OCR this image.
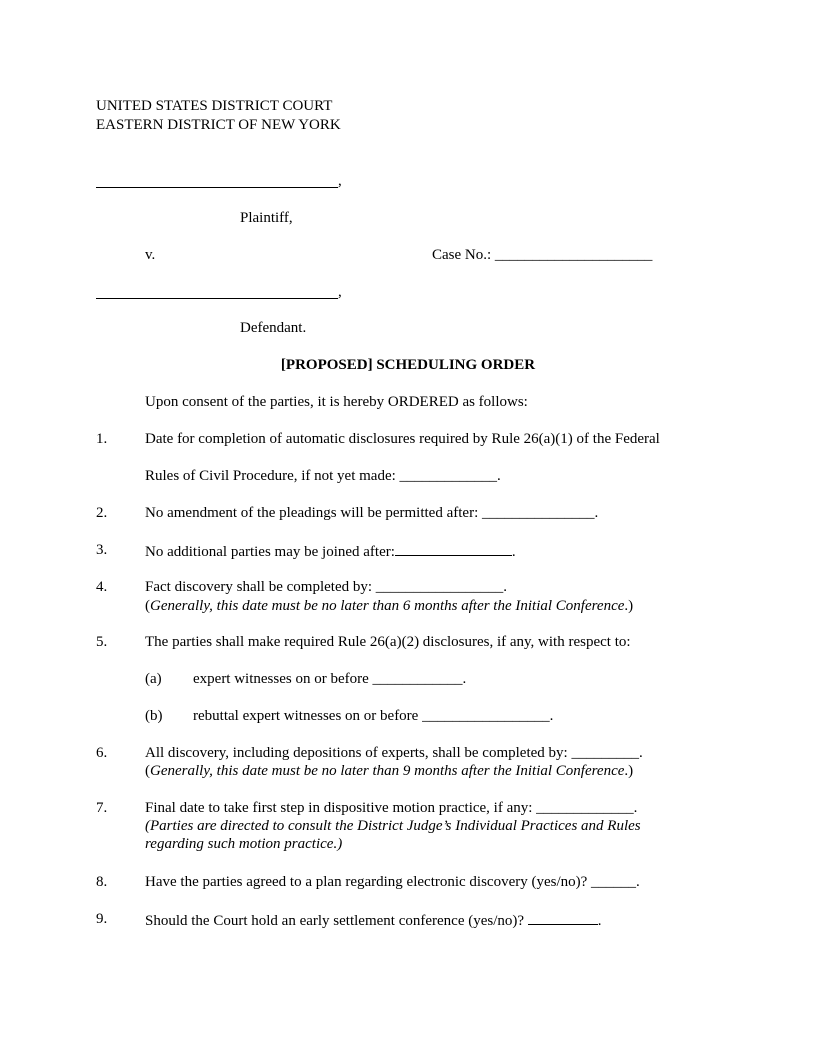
UNITED STATES DISTRICT COURT
EASTERN DISTRICT OF NEW YORK
,
Plaintiff,
v.	Case No.: _____________________
,
Defendant.
[PROPOSED] SCHEDULING ORDER
Upon consent of the parties, it is hereby ORDERED as follows:
1.	Date for completion of automatic disclosures required by Rule 26(a)(1) of the Federal
Rules of Civil Procedure, if not yet made: _____________.
2.	No amendment of the pleadings will be permitted after: _______________.
3.	No additional parties may be joined after:	.
4.	Fact discovery shall be completed by: _________________.
(Generally, this date must be no later than 6 months after the Initial Conference.)
5.	The parties shall make required Rule 26(a)(2) disclosures, if any, with respect to:
(a) expert witnesses on or before ____________.
(b) rebuttal expert witnesses on or before _________________.
6.	All discovery, including depositions of experts, shall be completed by: _________.
(Generally, this date must be no later than 9 months after the Initial Conference.)
7.	Final date to take first step in dispositive motion practice, if any: _____________.
(Parties are directed to consult the District Judge’s Individual Practices and Rules
regarding such motion practice.)
8.	Have the parties agreed to a plan regarding electronic discovery (yes/no)? ______.
9.	Should the Court hold an early settlement conference (yes/no)?	.
